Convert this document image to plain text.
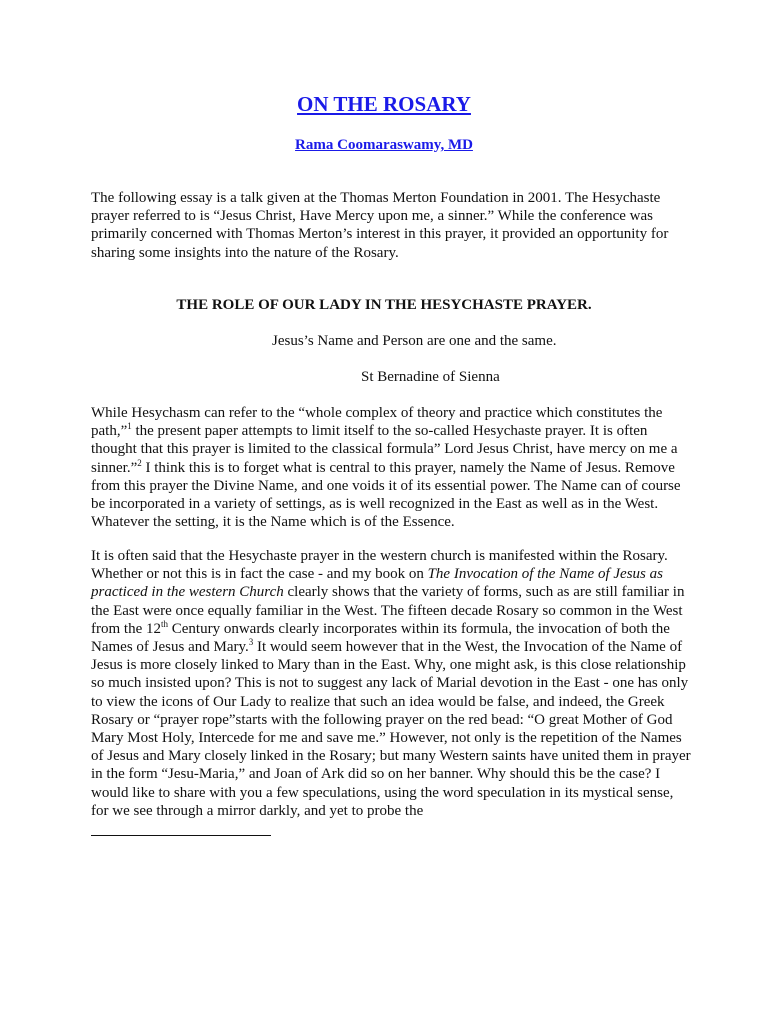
ON THE ROSARY
Rama Coomaraswamy, MD

The following essay is a talk given at the Thomas Merton Foundation in 2001. The Hesychaste prayer referred to is “Jesus Christ, Have Mercy upon me, a sinner.” While the conference was primarily concerned with Thomas Merton’s interest in this prayer, it provided an opportunity for sharing some insights into the nature of the Rosary.

THE ROLE OF OUR LADY IN THE HESYCHASTE PRAYER.
Jesus’s Name and Person are one and the same.
St Bernadine of Sienna

While Hesychasm can refer to the “whole complex of theory and practice which constitutes the path,”$^1$ the present paper attempts to limit itself to the so-called Hesychaste prayer. It is often thought that this prayer is limited to the classical formula” Lord Jesus Christ, have mercy on me a sinner.”$^2$ I think this is to forget what is central to this prayer, namely the Name of Jesus. Remove from this prayer the Divine Name, and one voids it of its essential power. The Name can of course be incorporated in a variety of settings, as is well recognized in the East as well as in the West. Whatever the setting, it is the Name which is of the Essence.

It is often said that the Hesychaste prayer in the western church is manifested within the Rosary. Whether or not this is in fact the case - and my book on The Invocation of the Name of Jesus as practiced in the western Church clearly shows that the variety of forms, such as are still familiar in the East were once equally familiar in the West. The fifteen decade Rosary so common in the West from the 12th Century onwards clearly incorporates within its formula, the invocation of both the Names of Jesus and Mary.$^3$ It would seem however that in the West, the Invocation of the Name of Jesus is more closely linked to Mary than in the East. Why, one might ask, is this close relationship so much insisted upon? This is not to suggest any lack of Marial devotion in the East - one has only to view the icons of Our Lady to realize that such an idea would be false, and indeed, the Greek Rosary or “prayer rope”starts with the following prayer on the red bead: “O great Mother of God Mary Most Holy, Intercede for me and save me.” However, not only is the repetition of the Names of Jesus and Mary closely linked in the Rosary; but many Western saints have united them in prayer in the form “Jesu-Maria,” and Joan of Ark did so on her banner. Why should this be the case? I would like to share with you a few speculations, using the word speculation in its mystical sense, for we see through a mirror darkly, and yet to probe the
